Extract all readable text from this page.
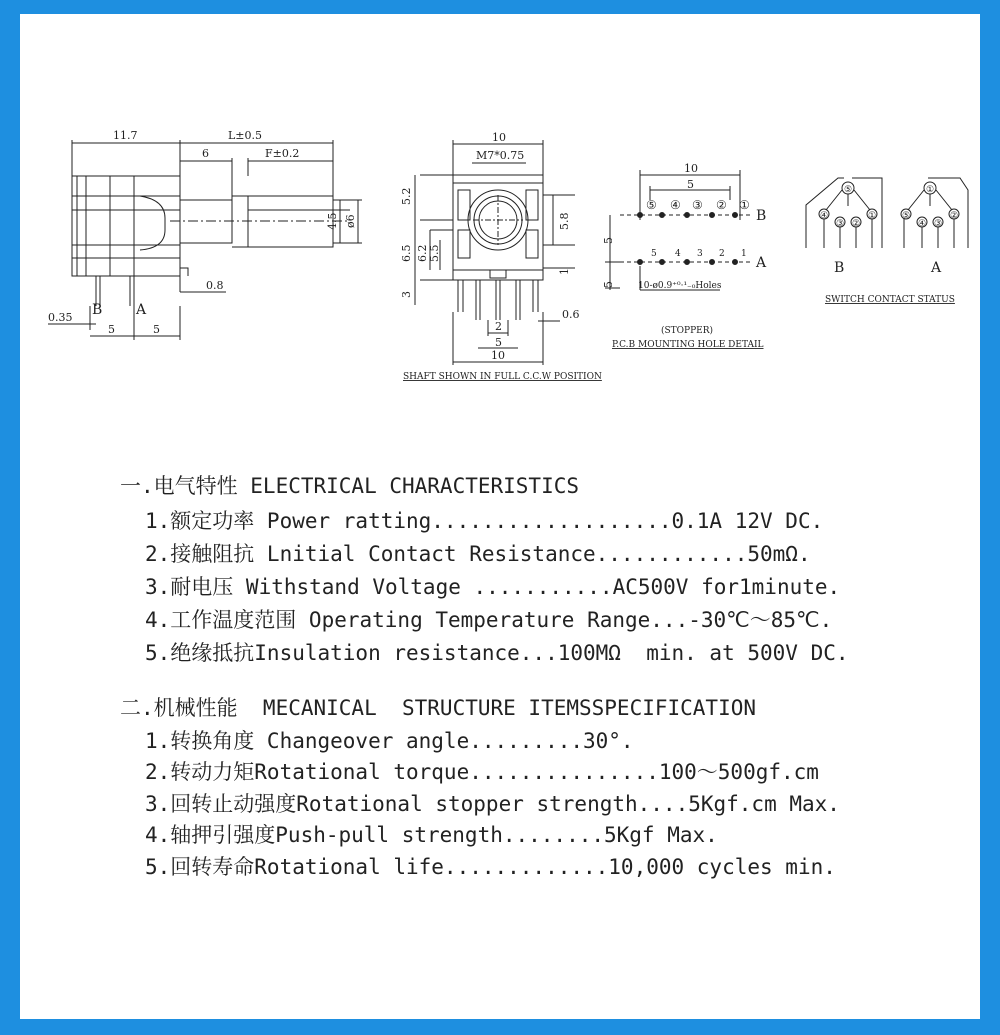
11.7	L±0.5
6	F±0.2
4.5 ø6
0.8
0.35 B A
5	5
10
M7*0.75
5.2
6.5 6.2 5.5
3
5.8
1
2
5
10
0.6
SHAFT SHOWN IN FULL C.C.W POSITION
10
5
⑤ ④ ③ ② ①
B
5 4 3 2 1
A
5
5	10-ø0.9⁺⁰·¹₋₀Holes
(STOPPER)
P.C.B MOUNTING HOLE DETAIL
⑤
④
③ ②
①
①
⑤
④ ③
②
B	A
SWITCH CONTACT STATUS

一.电气特性 ELECTRICAL CHARACTERISTICS

1.额定功率 Power ratting...................0.1A 12V DC.

2.接触阻抗 Lnitial Contact Resistance............50mΩ.

3.耐电压 Withstand Voltage ...........AC500V for1minute.

4.工作温度范围 Operating Temperature Range...-30℃～85℃.

5.绝缘抵抗Insulation resistance...100MΩ  min. at 500V DC.

二.机械性能  MECANICAL  STRUCTURE ITEMSSPECIFICATION

1.转换角度 Changeover angle.........30°.

2.转动力矩Rotational torque...............100～500gf.cm

3.回转止动强度Rotational stopper strength....5Kgf.cm Max.

4.轴押引强度Push-pull strength........5Kgf Max.

5.回转寿命Rotational life.............10,000 cycles min.
